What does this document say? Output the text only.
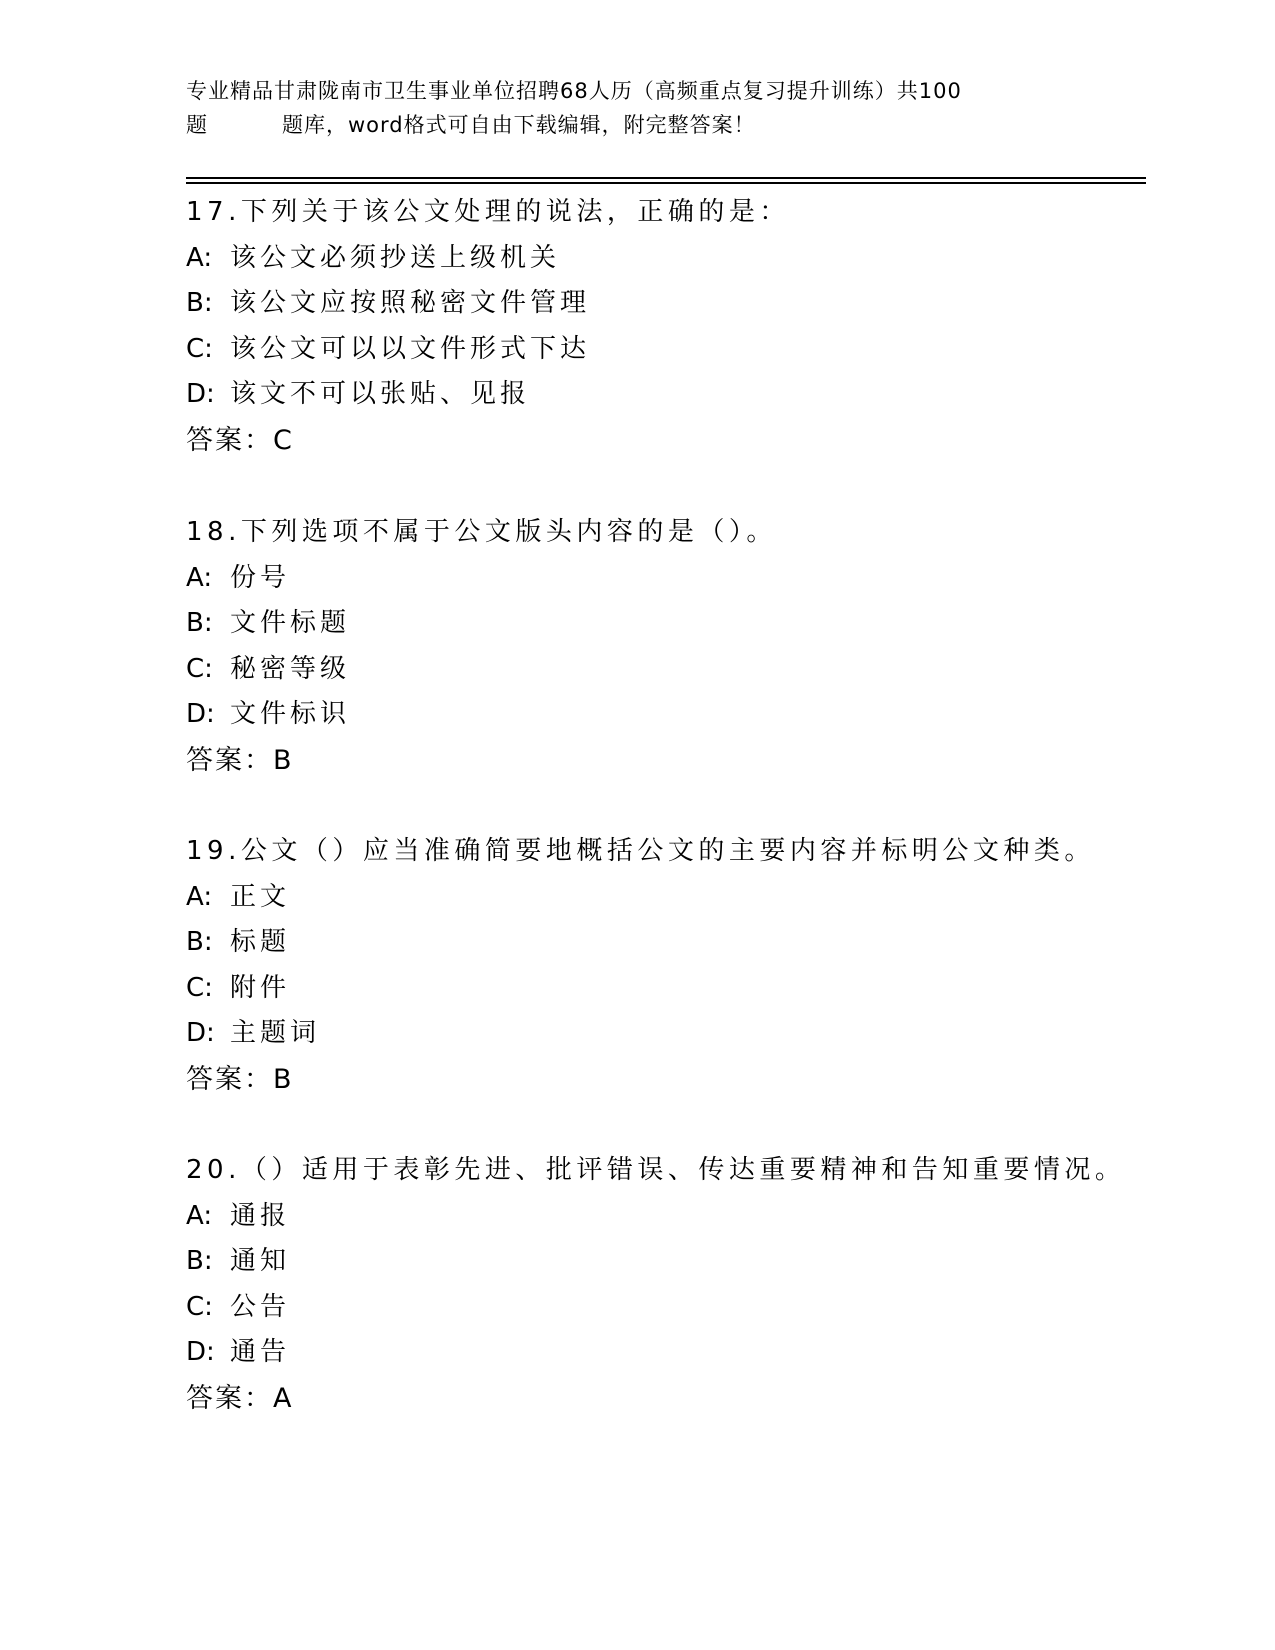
专业精品甘肃陇南市卫生事业单位招聘68人历（高频重点复习提升训练）共100
题	题库，word格式可自由下载编辑，附完整答案！
17.下列关于该公文处理的说法，正确的是：
A: 该公文必须抄送上级机关
B: 该公文应按照秘密文件管理
C: 该公文可以以文件形式下达
D: 该文不可以张贴、见报
答案：C
18.下列选项不属于公文版头内容的是（）。
A: 份号
B: 文件标题
C: 秘密等级
D: 文件标识
答案：B
19.公文（）应当准确简要地概括公文的主要内容并标明公文种类。
A: 正文
B: 标题
C: 附件
D: 主题词
答案：B
20.（）适用于表彰先进、批评错误、传达重要精神和告知重要情况。
A: 通报
B: 通知
C: 公告
D: 通告
答案：A
